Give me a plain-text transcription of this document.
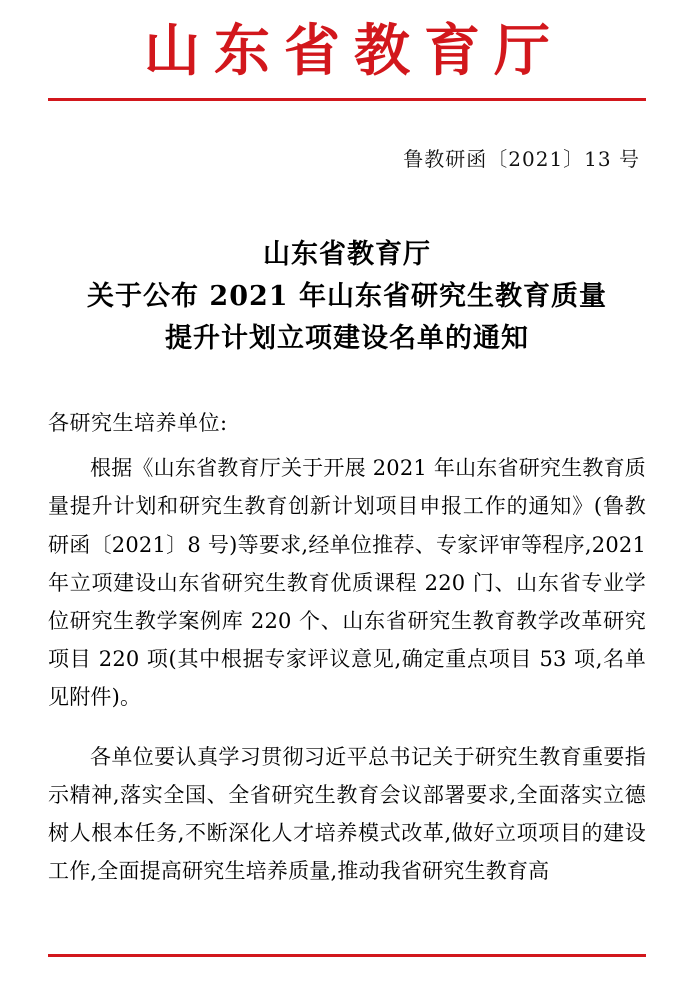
山东省教育厅
鲁教研函〔2021〕13 号
山东省教育厅
关于公布 2021 年山东省研究生教育质量
提升计划立项建设名单的通知
各研究生培养单位:

根据《山东省教育厅关于开展 2021 年山东省研究生教育质量提升计划和研究生教育创新计划项目申报工作的通知》(鲁教研函〔2021〕8 号)等要求,经单位推荐、专家评审等程序,2021 年立项建设山东省研究生教育优质课程 220 门、山东省专业学位研究生教学案例库 220 个、山东省研究生教育教学改革研究项目 220 项(其中根据专家评议意见,确定重点项目 53 项,名单见附件)。

各单位要认真学习贯彻习近平总书记关于研究生教育重要指示精神,落实全国、全省研究生教育会议部署要求,全面落实立德树人根本任务,不断深化人才培养模式改革,做好立项项目的建设工作,全面提高研究生培养质量,推动我省研究生教育高
